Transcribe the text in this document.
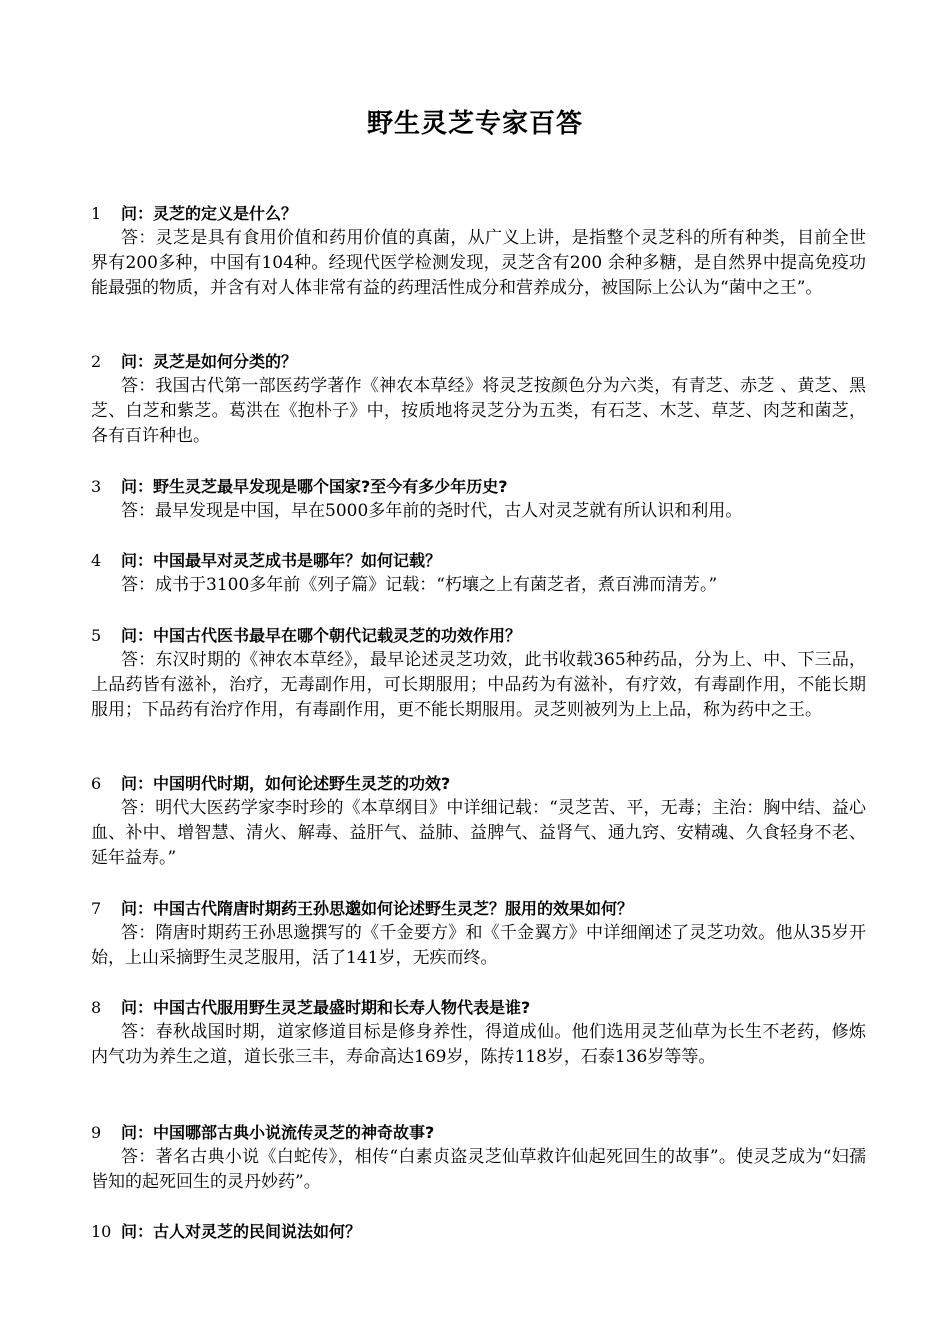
野生灵芝专家百答
1 问：灵芝的定义是什么？

答：灵芝是具有食用价值和药用价值的真菌，从广义上讲，是指整个灵芝科的所有种类，目前全世界有200多种，中国有104种。经现代医学检测发现，灵芝含有200 余种多糖，是自然界中提高免疫功能最强的物质，并含有对人体非常有益的药理活性成分和营养成分，被国际上公认为“菌中之王”。

2 问：灵芝是如何分类的？

答：我国古代第一部医药学著作《神农本草经》将灵芝按颜色分为六类，有青芝、赤芝 、黄芝、黑芝、白芝和紫芝。葛洪在《抱朴子》中，按质地将灵芝分为五类，有石芝、木芝、草芝、肉芝和菌芝，各有百许种也。

3 问：野生灵芝最早发现是哪个国家?至今有多少年历史?

答：最早发现是中国，早在5000多年前的尧时代，古人对灵芝就有所认识和利用。

4 问：中国最早对灵芝成书是哪年？如何记载？

答：成书于3100多年前《列子篇》记载：“朽壤之上有菌芝者，煮百沸而清芳。”

5 问：中国古代医书最早在哪个朝代记载灵芝的功效作用？

答：东汉时期的《神农本草经》，最早论述灵芝功效，此书收载365种药品，分为上、中、下三品，上品药皆有滋补，治疗，无毒副作用，可长期服用；中品药为有滋补，有疗效，有毒副作用，不能长期服用；下品药有治疗作用，有毒副作用，更不能长期服用。灵芝则被列为上上品，称为药中之王。

6 问：中国明代时期，如何论述野生灵芝的功效?

答：明代大医药学家李时珍的《本草纲目》中详细记载：“灵芝苦、平，无毒；主治：胸中结、益心血、补中、增智慧、清火、解毒、益肝气、益肺、益脾气、益肾气、通九窍、安精魂、久食轻身不老、延年益寿。”

7 问：中国古代隋唐时期药王孙思邈如何论述野生灵芝？服用的效果如何？

答：隋唐时期药王孙思邈撰写的《千金要方》和《千金翼方》中详细阐述了灵芝功效。他从35岁开始，上山采摘野生灵芝服用，活了141岁，无疾而终。

8 问：中国古代服用野生灵芝最盛时期和长寿人物代表是谁?

答：春秋战国时期，道家修道目标是修身养性，得道成仙。他们选用灵芝仙草为长生不老药，修炼内气功为养生之道，道长张三丰，寿命高达169岁，陈抟118岁，石泰136岁等等。

9 问：中国哪部古典小说流传灵芝的神奇故事?

答：著名古典小说《白蛇传》，相传“白素贞盗灵芝仙草救许仙起死回生的故事”。使灵芝成为“妇孺皆知的起死回生的灵丹妙药”。

10 问：古人对灵芝的民间说法如何？
